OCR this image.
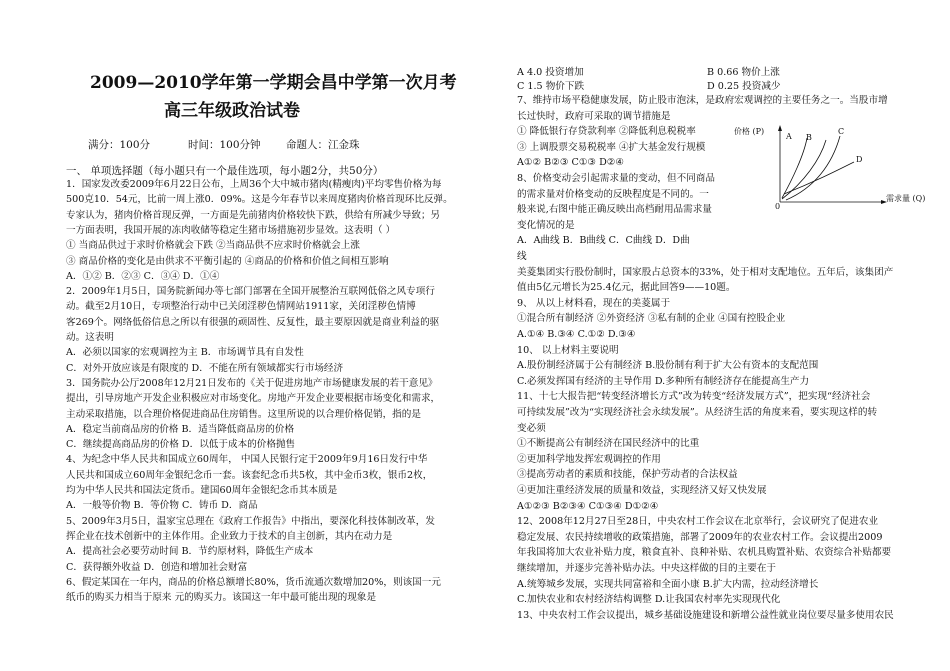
2009—2010学年第一学期会昌中学第一次月考
高三年级政治试卷
满分：100分	时间：100分钟 命题人：江金珠
一、 单项选择题（每小题只有一个最佳选项，每小题2分，共50分）
1．国家发改委2009年6月22日公布，上周36个大中城市猪肉(精瘦肉)平均零售价格为每
500克10．54元，比前一周上涨0．09%。这是今年春节以来周度猪肉价格首现环比反弹。
专家认为，猪肉价格首现反弹，一方面是先前猪肉价格较快下跌，供给有所减少导致；另
一方面表明，我国开展的冻肉收储等稳定生猪市场措施初步显效。这表明（ ）
① 当商品供过于求时价格就会下跌 ②当商品供不应求时价格就会上涨
③ 商品价格的变化是由供求不平衡引起的 ④商品的价格和价值之间相互影响
A．①② B．②③ C．③④ D．①④
2．2009年1月5日，国务院新闻办等七部门部署在全国开展整治互联网低俗之风专项行
动。截至2月10日，专项整治行动中已关闭淫秽色情网站1911家，关闭淫秽色情博
客269个。网络低俗信息之所以有很强的顽固性、反复性，最主要原因就是商业利益的驱
动。这表明
A．必须以国家的宏观调控为主 B．市场调节具有自发性
C．对外开放应该是有限度的 D．不能在所有领域都实行市场经济
3．国务院办公厅2008年12月21日发布的《关于促进房地产市场健康发展的若干意见》
提出，引导房地产开发企业积极应对市场变化。房地产开发企业要根据市场变化和需求，
主动采取措施，以合理价格促进商品住房销售。这里所说的以合理价格促销，指的是
A．稳定当前商品房的价格 B．适当降低商品房的价格
C．继续提高商品房的价格 D．以低于成本的价格抛售
4、为纪念中华人民共和国成立60周年， 中国人民银行定于2009年9月16日发行中华
人民共和国成立60周年金银纪念币一套。该套纪念币共5枚，其中金币3枚，银币2枚，
均为中华人民共和国法定货币。建国60周年金银纪念币其本质是
A．一般等价物 B．等价物 C．铸币 D．商品
5、2009年3月5日，温家宝总理在《政府工作报告》中指出，要深化科技体制改革，发
挥企业在技术创新中的主体作用。企业致力于技术的自主创新，其内在动力是
A．提高社会必要劳动时间 B．节约原材料，降低生产成本
C．获得额外收益 D．创造和增加社会财富
6、假定某国在一年内，商品的价格总额增长80%，货币流通次数增加20%，则该国一元
纸币的购买力相当于原来 元的购买力。该国这一年中最可能出现的现象是
A 4.0 投资增加	B 0.66 物价上涨
C 1.5 物价下跌	D 0.25 投资减少
7、维持市场平稳健康发展，防止股市泡沫，是政府宏观调控的主要任务之一。当股市增
长过快时，政府可采取的调节措施是
① 降低银行存贷款利率 ②降低利息税税率
③ 上调股票交易税税率 ④扩大基金发行规模
A①② B②③ C①③ D②④
8、价格变动会引起需求量的变动，但不同商品
的需求量对价格变动的反映程度是不同的。一
般来说,右图中能正确反映出高档耐用品需求量
变化情况的是
A．A曲线 B．B曲线 C．C曲线 D．D曲
线
美菱集团实行股份制时，国家股占总资本的33%，处于相对支配地位。五年后，该集团产
值由5亿元增长为25.4亿元，据此回答9——10题。
9、 从以上材料看，现在的美菱属于
①混合所有制经济 ②外资经济 ③私有制的企业 ④国有控股企业
A.①④ B.③④ C.①② D.③④
10、 以上材料主要说明
A.股份制经济属于公有制经济 B.股份制有利于扩大公有资本的支配范围
C.必须发挥国有经济的主导作用 D.多种所有制经济存在能提高生产力
11、十七大报告把“转变经济增长方式”改为转变“经济发展方式”，把实现“经济社会
可持续发展”改为“实现经济社会永续发展”。从经济生活的角度来看，要实现这样的转
变必须
①不断提高公有制经济在国民经济中的比重
②更加科学地发挥宏观调控的作用
③提高劳动者的素质和技能，保护劳动者的合法权益
④更加注重经济发展的质量和效益，实现经济又好又快发展
A①②③ B②③④ C①③④ D①②④
12、2008年12月27日至28日，中央农村工作会议在北京举行，会议研究了促进农业
稳定发展、农民持续增收的政策措施，部署了2009年的农业农村工作。会议提出2009
年我国将加大农业补贴力度，粮食直补、良种补贴、农机具购置补贴、农资综合补贴都要
继续增加，并逐步完善补贴办法。中央这样做的目的主要在于
A.统筹城乡发展，实现共同富裕和全面小康 B.扩大内需，拉动经济增长
C.加快农业和农村经济结构调整 D.让我国农村率先实现现代化
13、中央农村工作会议提出，城乡基础设施建设和新增公益性就业岗位要尽量多使用农民
价格 (P)
需求量 (Q)
0
A B
C
D
